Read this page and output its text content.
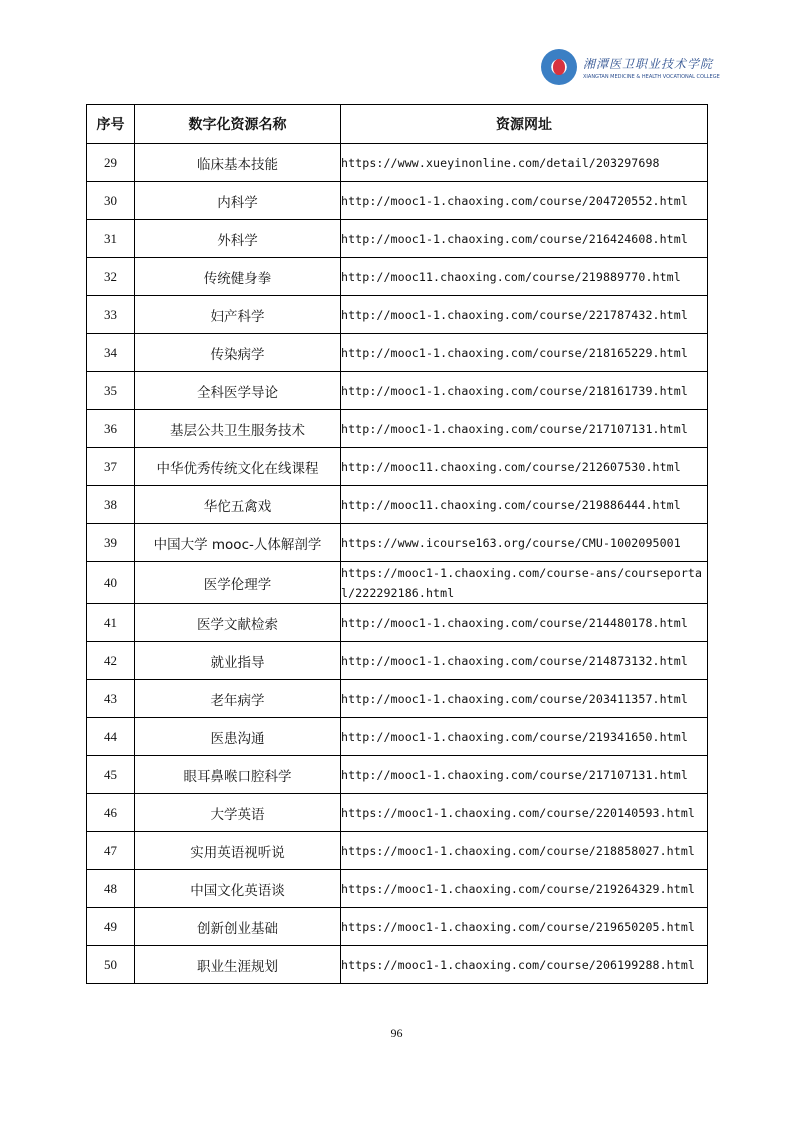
湘潭医卫职业技术学院
XIANGTAN MEDICINE & HEALTH VOCATIONAL COLLEGE
序号	数字化资源名称	资源网址
29	临床基本技能	https://www.xueyinonline.com/detail/203297698
30	内科学	http://mooc1-1.chaoxing.com/course/204720552.html
31	外科学	http://mooc1-1.chaoxing.com/course/216424608.html
32	传统健身拳	http://mooc11.chaoxing.com/course/219889770.html
33	妇产科学	http://mooc1-1.chaoxing.com/course/221787432.html
34	传染病学	http://mooc1-1.chaoxing.com/course/218165229.html
35	全科医学导论	http://mooc1-1.chaoxing.com/course/218161739.html
36	基层公共卫生服务技术	http://mooc1-1.chaoxing.com/course/217107131.html
37	中华优秀传统文化在线课程	http://mooc11.chaoxing.com/course/212607530.html
38	华佗五禽戏	http://mooc11.chaoxing.com/course/219886444.html
39	中国大学 mooc-人体解剖学	https://www.icourse163.org/course/CMU-1002095001
40	医学伦理学	https://mooc1-1.chaoxing.com/course-ans/courseportal/222292186.html
41	医学文献检索	http://mooc1-1.chaoxing.com/course/214480178.html
42	就业指导	http://mooc1-1.chaoxing.com/course/214873132.html
43	老年病学	http://mooc1-1.chaoxing.com/course/203411357.html
44	医患沟通	http://mooc1-1.chaoxing.com/course/219341650.html
45	眼耳鼻喉口腔科学	http://mooc1-1.chaoxing.com/course/217107131.html
46	大学英语	https://mooc1-1.chaoxing.com/course/220140593.html
47	实用英语视听说	https://mooc1-1.chaoxing.com/course/218858027.html
48	中国文化英语谈	https://mooc1-1.chaoxing.com/course/219264329.html
49	创新创业基础	https://mooc1-1.chaoxing.com/course/219650205.html
50	职业生涯规划	https://mooc1-1.chaoxing.com/course/206199288.html
96
